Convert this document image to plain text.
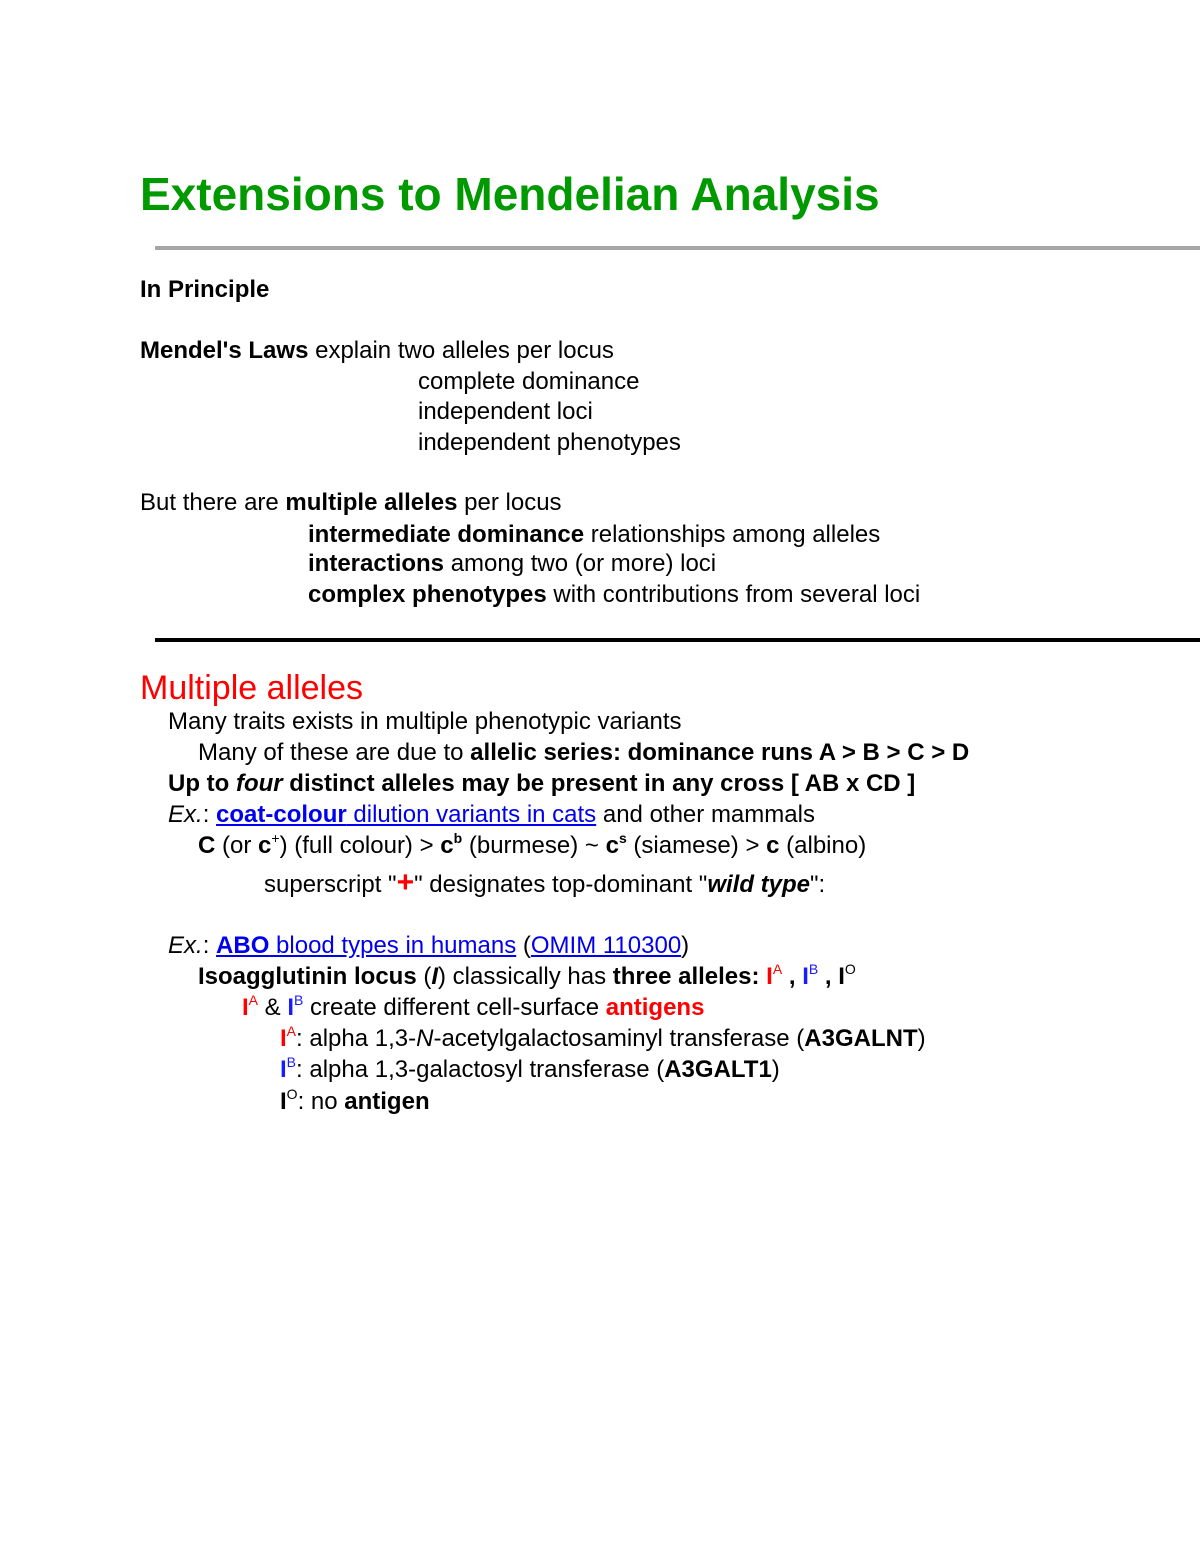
Extensions to Mendelian Analysis
In Principle
Mendel's Laws explain two alleles per locus
complete dominance
independent loci
independent phenotypes
But there are multiple alleles per locus
intermediate dominance relationships among alleles
interactions among two (or more) loci
complex phenotypes with contributions from several loci
Multiple alleles
Many traits exists in multiple phenotypic variants
Many of these are due to allelic series: dominance runs A > B > C > D
Up to four distinct alleles may be present in any cross [ AB x CD ]
Ex.: coat-colour dilution variants in cats and other mammals
C (or c+) (full colour) > $c^b$ (burmese) ~ $c^s$ (siamese) > c (albino)
superscript "+" designates top-dominant "wild type":
Ex.: ABO blood types in humans (OMIM 110300)
Isoagglutinin locus (I) classically has three alleles: $I^A$ , $I^B$ , $I^O$
$I^A$ & $I^B$ create different cell-surface antigens
$I^A$: alpha 1,3-N-acetylgalactosaminyl transferase (A3GALNT)
$I^B$: alpha 1,3-galactosyl transferase (A3GALT1)
$I^O$: no antigen
